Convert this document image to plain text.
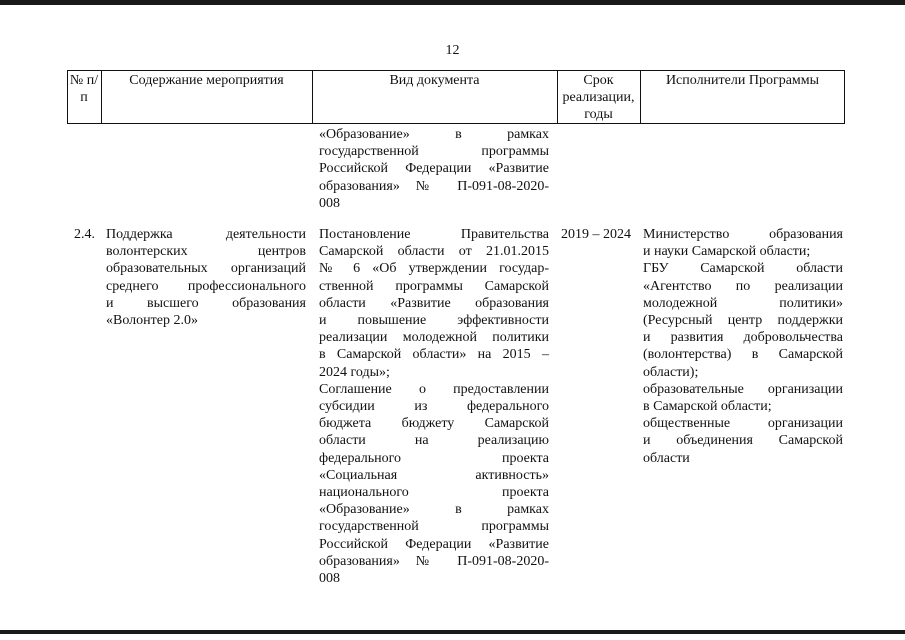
12
№ п/п
Содержание мероприятия	Вид документа	Срок реализации, годы
Исполнители Программы
«Образование» в рамках
государственной программы
Российской Федерации «Развитие
образования» № П-091-08-2020-
008
2.4. Поддержка деятельности
волонтерских центров
образовательных организаций
среднего профессионального
и высшего образования
«Волонтер 2.0»
Постановление Правительства
Самарской области от 21.01.2015
№ 6 «Об утверждении государ-
ственной программы Самарской
области «Развитие образования
и повышение эффективности
реализации молодежной политики
в Самарской области» на 2015 –
2024 годы»;
Соглашение о предоставлении
субсидии из федерального
бюджета бюджету Самарской
области на реализацию
федерального проекта
«Социальная активность»
национального проекта
«Образование» в рамках
государственной программы
Российской Федерации «Развитие
образования» № П-091-08-2020-
008
2019 – 2024 Министерство образования
и науки Самарской области;
ГБУ Самарской области
«Агентство по реализации
молодежной политики»
(Ресурсный центр поддержки
и развития добровольчества
(волонтерства) в Самарской
области);
образовательные организации
в Самарской области;
общественные организации
и объединения Самарской
области
